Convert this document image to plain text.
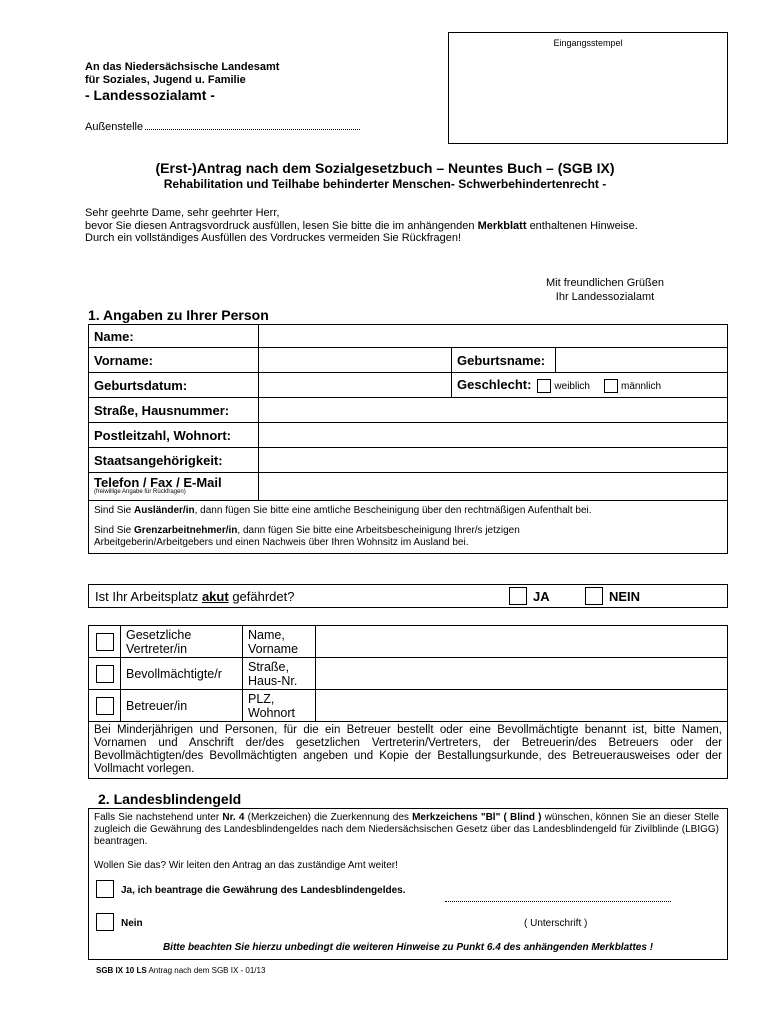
Eingangsstempel
An das Niedersächsische Landesamt
für Soziales, Jugend u. Familie
- Landessozialamt -
Außenstelle
(Erst-)Antrag nach dem Sozialgesetzbuch – Neuntes Buch – (SGB IX)
Rehabilitation und Teilhabe behinderter Menschen- Schwerbehindertenrecht -
Sehr geehrte Dame, sehr geehrter Herr,
bevor Sie diesen Antragsvordruck ausfüllen, lesen Sie bitte die im anhängenden Merkblatt enthaltenen Hinweise.
Durch ein vollständiges Ausfüllen des Vordruckes vermeiden Sie Rückfragen!
Mit freundlichen Grüßen
Ihr Landessozialamt
1. Angaben zu Ihrer Person
Name:			
Vorname:		Geburtsname:	
Geburtsdatum:		Geschlecht: weiblich männlich	
Straße, Hausnummer:			
Postleitzahl, Wohnort:			
Staatsangehörigkeit:			
Telefon / Fax / E-Mail
(freiwillige Angabe für Rückfragen)			

Sind Sie Ausländer/in, dann fügen Sie bitte eine amtliche Bescheinigung über den rechtmäßigen Aufenthalt bei.
Sind Sie Grenzarbeitnehmer/in, dann fügen Sie bitte eine Arbeitsbescheinigung Ihrer/s jetzigen
Arbeitgeberin/Arbeitgebers und einen Nachweis über Ihren Wohnsitz im Ausland bei.			
Ist Ihr Arbeitsplatz akut gefährdet?	JA	NEIN
	Gesetzliche Vertreter/in	Name, Vorname	
	Bevollmächtigte/r	Straße, Haus-Nr.	
	Betreuer/in	PLZ, Wohnort	
Bei Minderjährigen und Personen, für die ein Betreuer bestellt oder eine Bevollmächtigte benannt ist, bitte Namen, Vornamen und Anschrift der/des gesetzlichen Vertreterin/Vertreters, der Betreuerin/des Betreuers oder der Bevollmächtigten/des Bevollmächtigten angeben und Kopie der Bestallungsurkunde, des Betreuerausweises oder der Vollmacht vorlegen.			
2. Landesblindengeld
Falls Sie nachstehend unter Nr. 4 (Merkzeichen) die Zuerkennung des Merkzeichens "Bl" ( Blind ) wünschen, können Sie an dieser Stelle zugleich die Gewährung des Landesblindengeldes nach dem Niedersächsischen Gesetz über das Landesblindengeld für Zivilblinde (LBIGG) beantragen.
Wollen Sie das? Wir leiten den Antrag an das zuständige Amt weiter!
Ja, ich beantrage die Gewährung des Landesblindengeldes.
Nein	( Unterschrift )
Bitte beachten Sie hierzu unbedingt die weiteren Hinweise zu Punkt 6.4 des anhängenden Merkblattes !
SGB IX 10 LS Antrag nach dem SGB IX - 01/13
